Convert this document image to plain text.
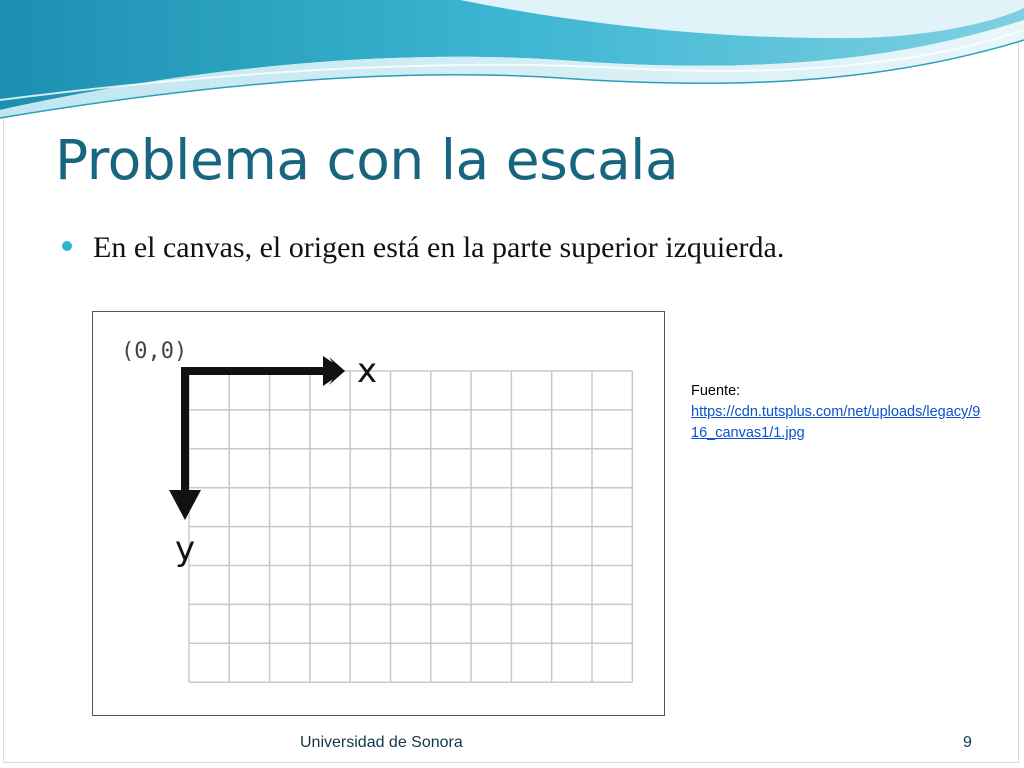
Problema con la escala
En el canvas, el origen está en la parte superior izquierda.
(0,0)	x
y
Fuente:
https://cdn.tutsplus.com/net/uploads/legacy/916_canvas1/1.jpg
Universidad de Sonora	9
